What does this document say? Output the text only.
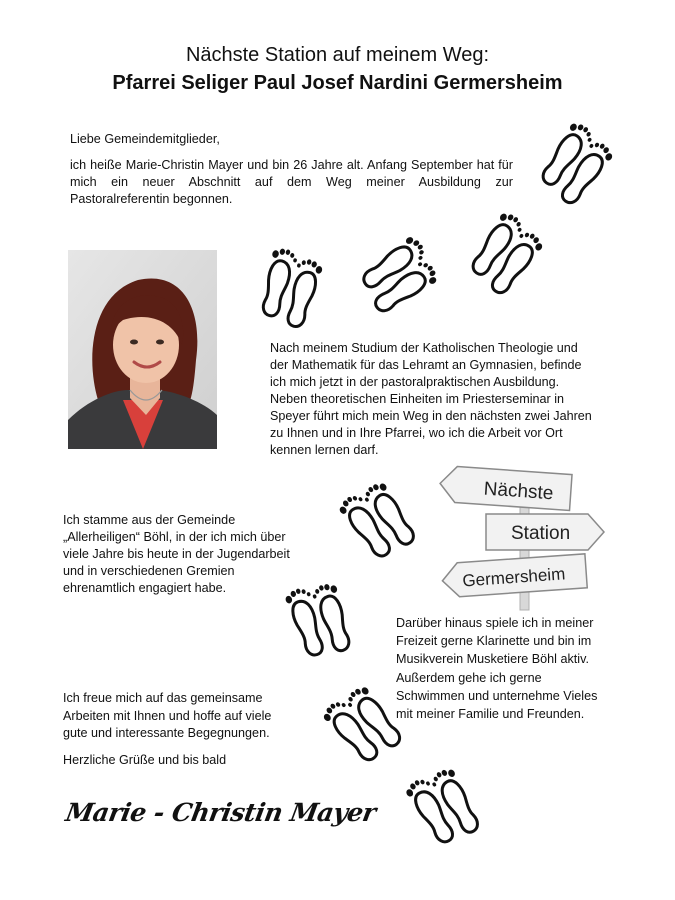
Nächste Station auf meinem Weg:
Pfarrei Seliger Paul Josef Nardini Germersheim
Liebe Gemeindemitglieder,
ich heiße Marie-Christin Mayer und bin 26 Jahre alt. Anfang September hat für mich ein neuer Abschnitt auf dem Weg meiner Ausbildung zur Pastoralreferentin begonnen.
Nach meinem Studium der Katholischen Theologie und
der Mathematik für das Lehramt an Gymnasien, befinde
ich mich jetzt in der pastoralpraktischen Ausbildung.
Neben theoretischen Einheiten im Priesterseminar in
Speyer führt mich mein Weg in den nächsten zwei Jahren
zu Ihnen und in Ihre Pfarrei, wo ich die Arbeit vor Ort
kennen lernen darf.
Ich stamme aus der Gemeinde
„Allerheiligen“ Böhl, in der ich mich über
viele Jahre bis heute in der Jugendarbeit
und in verschiedenen Gremien
ehrenamtlich engagiert habe.
Darüber hinaus spiele ich in meiner
Freizeit gerne Klarinette und bin im
Musikverein Musketiere Böhl aktiv.
Außerdem gehe ich gerne
Schwimmen und unternehme Vieles
mit meiner Familie und Freunden.
Ich freue mich auf das gemeinsame
Arbeiten mit Ihnen und hoffe auf viele
gute und interessante Begegnungen.
Herzliche Grüße und bis bald
Marie - Christin Mayer
Nächste
Station
Germersheim
